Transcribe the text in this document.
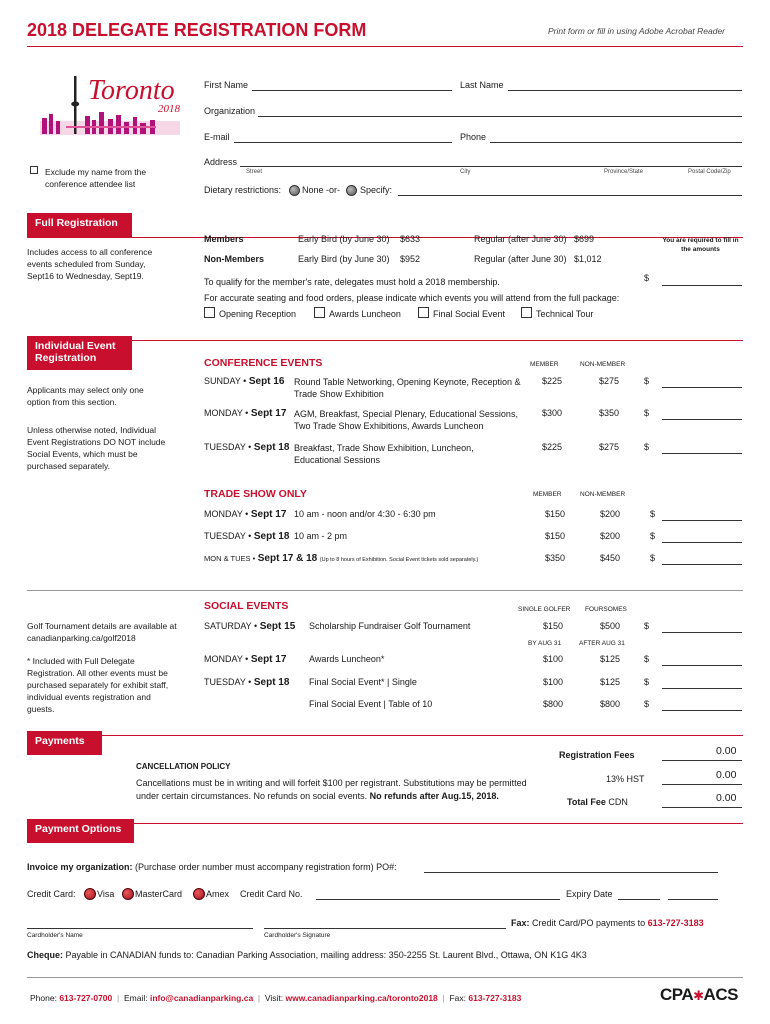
2018 DELEGATE REGISTRATION FORM	Print form or fill in using Adobe Acrobat Reader
Toronto
2018
First Name	Last Name
Organization
E-mail	Phone
Address
Street	City	Province/State	Postal Code/Zip
Exclude my name from the conference attendee list
Dietary restrictions: None -or- Specify:
Full Registration
Includes access to all conference events scheduled from Sunday, Sept16 to Wednesday, Sept19.
Members	Early Bird (by June 30) $633	Regular (after June 30) $699
Non-Members	Early Bird (by June 30) $952	Regular (after June 30) $1,012
You are required to fill in the amounts
To qualify for the member's rate, delegates must hold a 2018 membership.	$
For accurate seating and food orders, please indicate which events you will attend from the full package:
Opening Reception	Awards Luncheon	Final Social Event	Technical Tour
Individual Event Registration
Applicants may select only one option from this section.
Unless otherwise noted, Individual Event Registrations DO NOT include Social Events, which must be purchased separately.
CONFERENCE EVENTS	MEMBER	NON-MEMBER
SUNDAY • Sept 16 Round Table Networking, Opening Keynote, Reception & Trade Show Exhibition
$225	$275	$
MONDAY • Sept 17 AGM, Breakfast, Special Plenary, Educational Sessions, Two Trade Show Exhibitions, Awards Luncheon
$300	$350	$
TUESDAY • Sept 18 Breakfast, Trade Show Exhibition, Luncheon, Educational Sessions
$225	$275	$
TRADE SHOW ONLY	MEMBER	NON-MEMBER
MONDAY • Sept 17 10 am - noon and/or 4:30 - 6:30 pm	$150	$200	$
TUESDAY • Sept 18 10 am - 2 pm	$150	$200	$
MON & TUES • Sept 17 & 18 (Up to 8 hours of Exhibition. Social Event tickets sold separately.)	$350	$450	$
SOCIAL EVENTS	SINGLE GOLFER FOURSOMES
Golf Tournament details are available at canadianparking.ca/golf2018
* Included with Full Delegate Registration. All other events must be purchased separately for exhibit staff, individual events registration and guests.
SATURDAY • Sept 15 Scholarship Fundraiser Golf Tournament	$150	$500	$
BY AUG 31	AFTER AUG 31
MONDAY • Sept 17	Awards Luncheon*	$100	$125	$
TUESDAY • Sept 18 Final Social Event* | Single	$100	$125	$
Final Social Event | Table of 10	$800	$800	$
Payments
CANCELLATION POLICY
Cancellations must be in writing and will forfeit $100 per registrant. Substitutions may be permitted under certain circumstances. No refunds on social events. No refunds after Aug.15, 2018.
Registration Fees	0.00
13% HST	0.00
Total Fee CDN	0.00
Payment Options
Invoice my organization: (Purchase order number must accompany registration form) PO#:
Credit Card: Visa MasterCard	Amex Credit Card No.	Expiry Date
Cardholder's Name	Cardholder's Signature
Fax: Credit Card/PO payments to 613-727-3183
Cheque: Payable in CANADIAN funds to: Canadian Parking Association, mailing address: 350-2255 St. Laurent Blvd., Ottawa, ON K1G 4K3
Phone: 613-727-0700  |  Email: info@canadianparking.ca  |  Visit: www.canadianparking.ca/toronto2018  |  Fax: 613-727-3183	CPA✱ACS
